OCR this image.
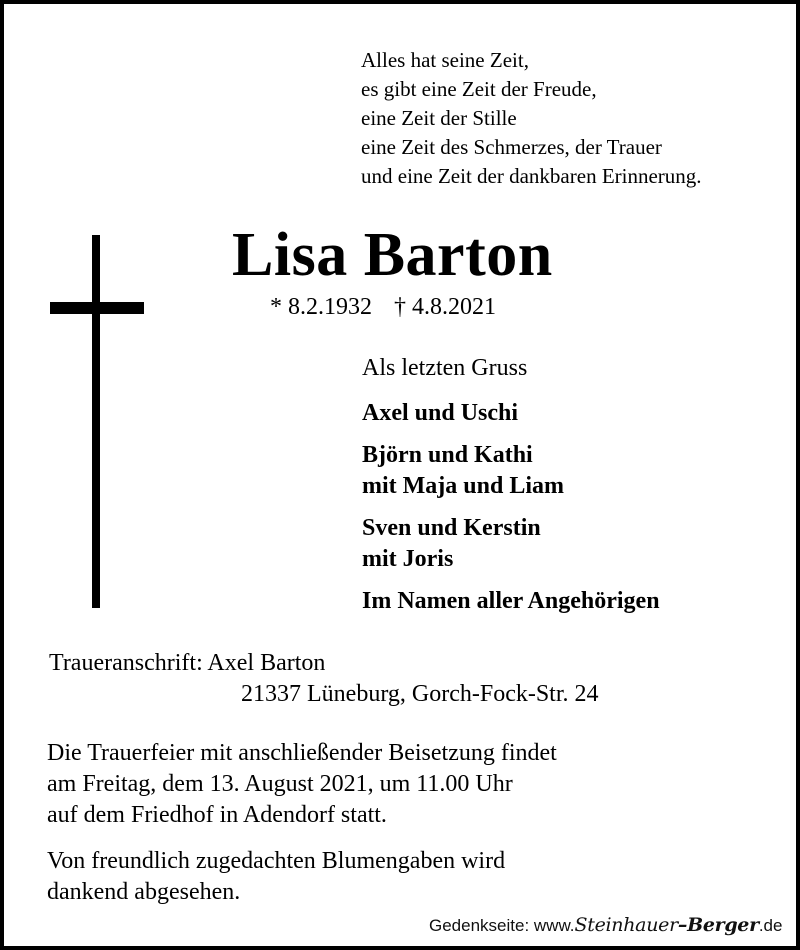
Alles hat seine Zeit,
es gibt eine Zeit der Freude,
eine Zeit der Stille
eine Zeit des Schmerzes, der Trauer
und eine Zeit der dankbaren Erinnerung.
Lisa Barton
* 8.2.1932 † 4.8.2021
Als letzten Gruss
Axel und Uschi
Björn und Kathi
mit Maja und Liam
Sven und Kerstin
mit Joris
Im Namen aller Angehörigen
Traueranschrift: Axel Barton
21337 Lüneburg, Gorch-Fock-Str. 24
Die Trauerfeier mit anschließender Beisetzung findet
am Freitag, dem 13. August 2021, um 11.00 Uhr
auf dem Friedhof in Adendorf statt.
Von freundlich zugedachten Blumengaben wird
dankend abgesehen.
Gedenkseite: www.Steinhauer–Berger.de
